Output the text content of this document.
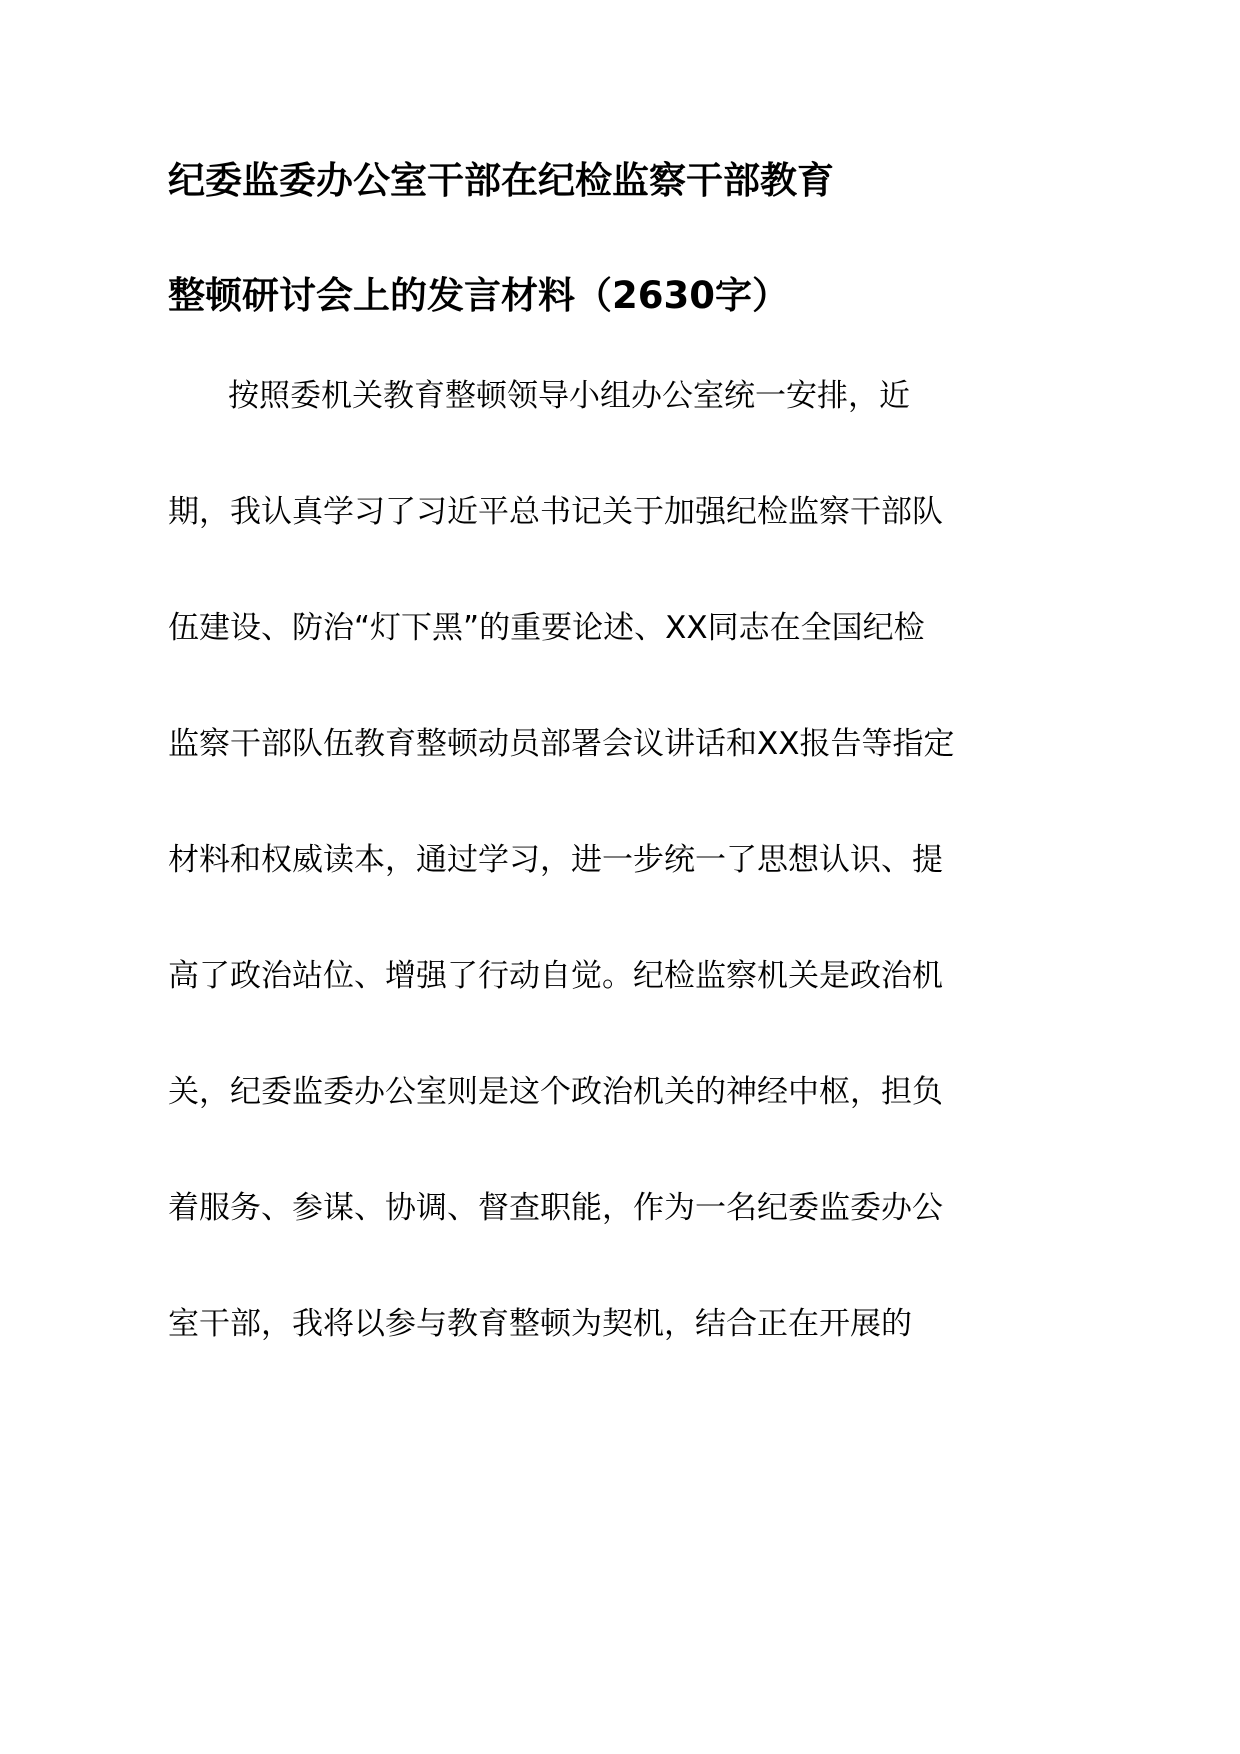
纪委监委办公室干部在纪检监察干部教育
整顿研讨会上的发言材料（2630字）
按照委机关教育整顿领导小组办公室统一安排，近
期，我认真学习了习近平总书记关于加强纪检监察干部队
伍建设、防治“灯下黑”的重要论述、XX同志在全国纪检
监察干部队伍教育整顿动员部署会议讲话和XX报告等指定
材料和权威读本，通过学习，进一步统一了思想认识、提
高了政治站位、增强了行动自觉。纪检监察机关是政治机
关，纪委监委办公室则是这个政治机关的神经中枢，担负
着服务、参谋、协调、督查职能，作为一名纪委监委办公
室干部，我将以参与教育整顿为契机，结合正在开展的
